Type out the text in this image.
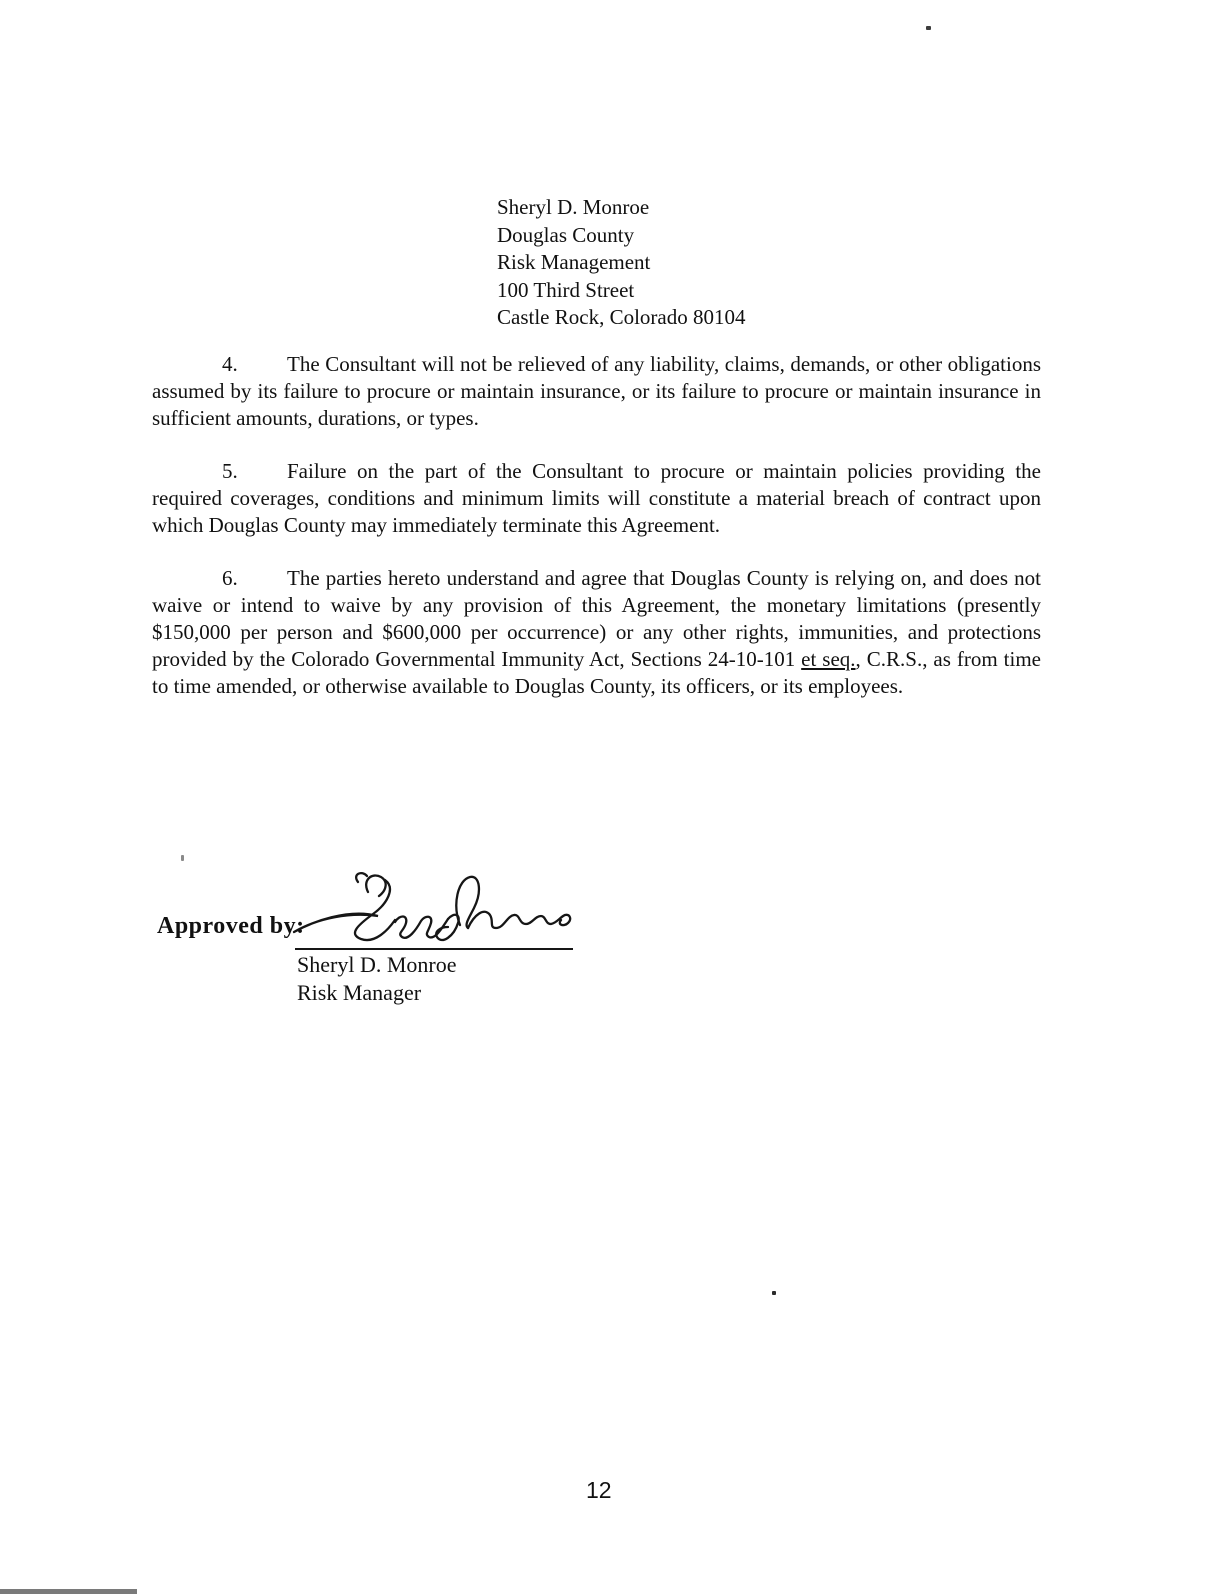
Sheryl D. Monroe
Douglas County
Risk Management
100 Third Street
Castle Rock, Colorado 80104

4. The Consultant will not be relieved of any liability, claims, demands, or other obligations assumed by its failure to procure or maintain insurance, or its failure to procure or maintain insurance in sufficient amounts, durations, or types.

5. Failure on the part of the Consultant to procure or maintain policies providing the required coverages, conditions and minimum limits will constitute a material breach of contract upon which Douglas County may immediately terminate this Agreement.

6. The parties hereto understand and agree that Douglas County is relying on, and does not waive or intend to waive by any provision of this Agreement, the monetary limitations (presently $150,000 per person and $600,000 per occurrence) or any other rights, immunities, and protections provided by the Colorado Governmental Immunity Act, Sections 24-10-101 et seq., C.R.S., as from time to time amended, or otherwise available to Douglas County, its officers, or its employees.

Approved by:
Sheryl D. Monroe
Risk Manager
12
